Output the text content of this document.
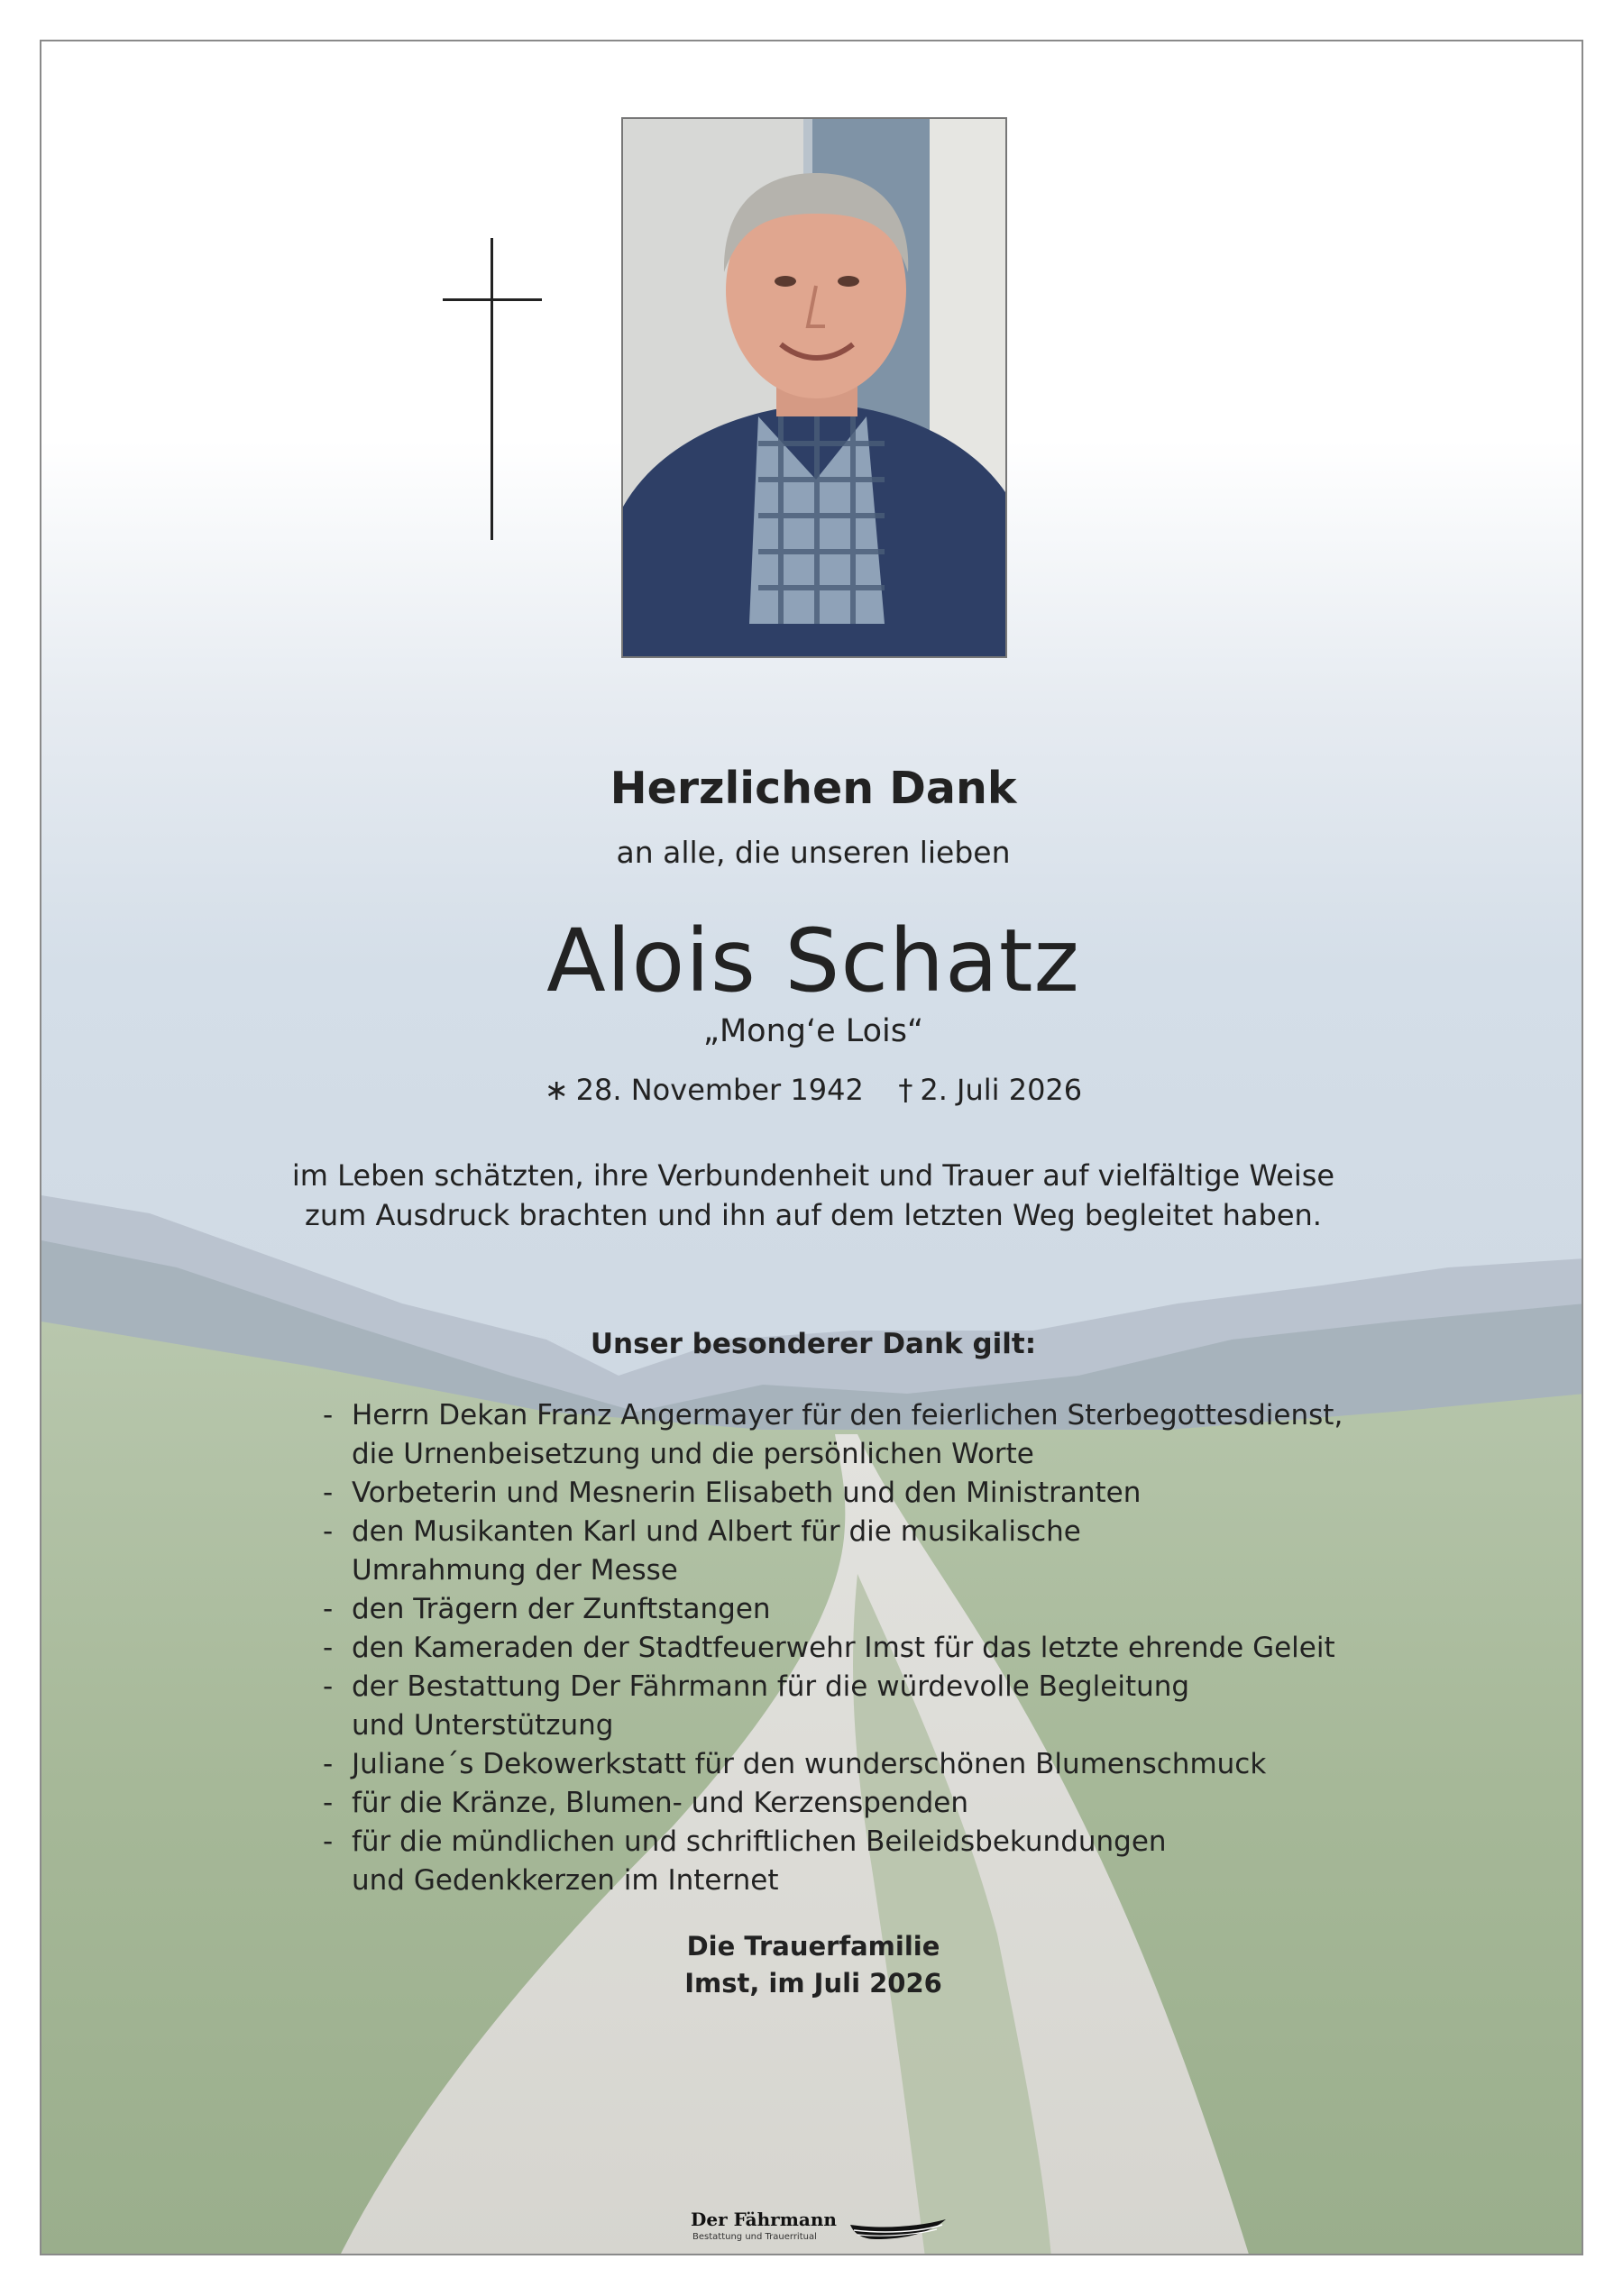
Herzlichen Dank
an alle, die unseren lieben
Alois Schatz
„Mong‘e Lois“
∗ 28. November 1942 † 2. Juli 2026
im Leben schätzten, ihre Verbundenheit und Trauer auf vielfältige Weise
zum Ausdruck brachten und ihn auf dem letzten Weg begleitet haben.
Unser besonderer Dank gilt:
- Herrn Dekan Franz Angermayer für den feierlichen Sterbegottesdienst,
die Urnenbeisetzung und die persönlichen Worte
- Vorbeterin und Mesnerin Elisabeth und den Ministranten
- den Musikanten Karl und Albert für die musikalische
Umrahmung der Messe
- den Trägern der Zunftstangen
- den Kameraden der Stadtfeuerwehr Imst für das letzte ehrende Geleit
- der Bestattung Der Fährmann für die würdevolle Begleitung
und Unterstützung
- Juliane´s Dekowerkstatt für den wunderschönen Blumenschmuck
- für die Kränze, Blumen- und Kerzenspenden
- für die mündlichen und schriftlichen Beileidsbekundungen
und Gedenkkerzen im Internet
Die Trauerfamilie
Imst, im Juli 2026
Der Fährmann
Bestattung und Trauerritual
